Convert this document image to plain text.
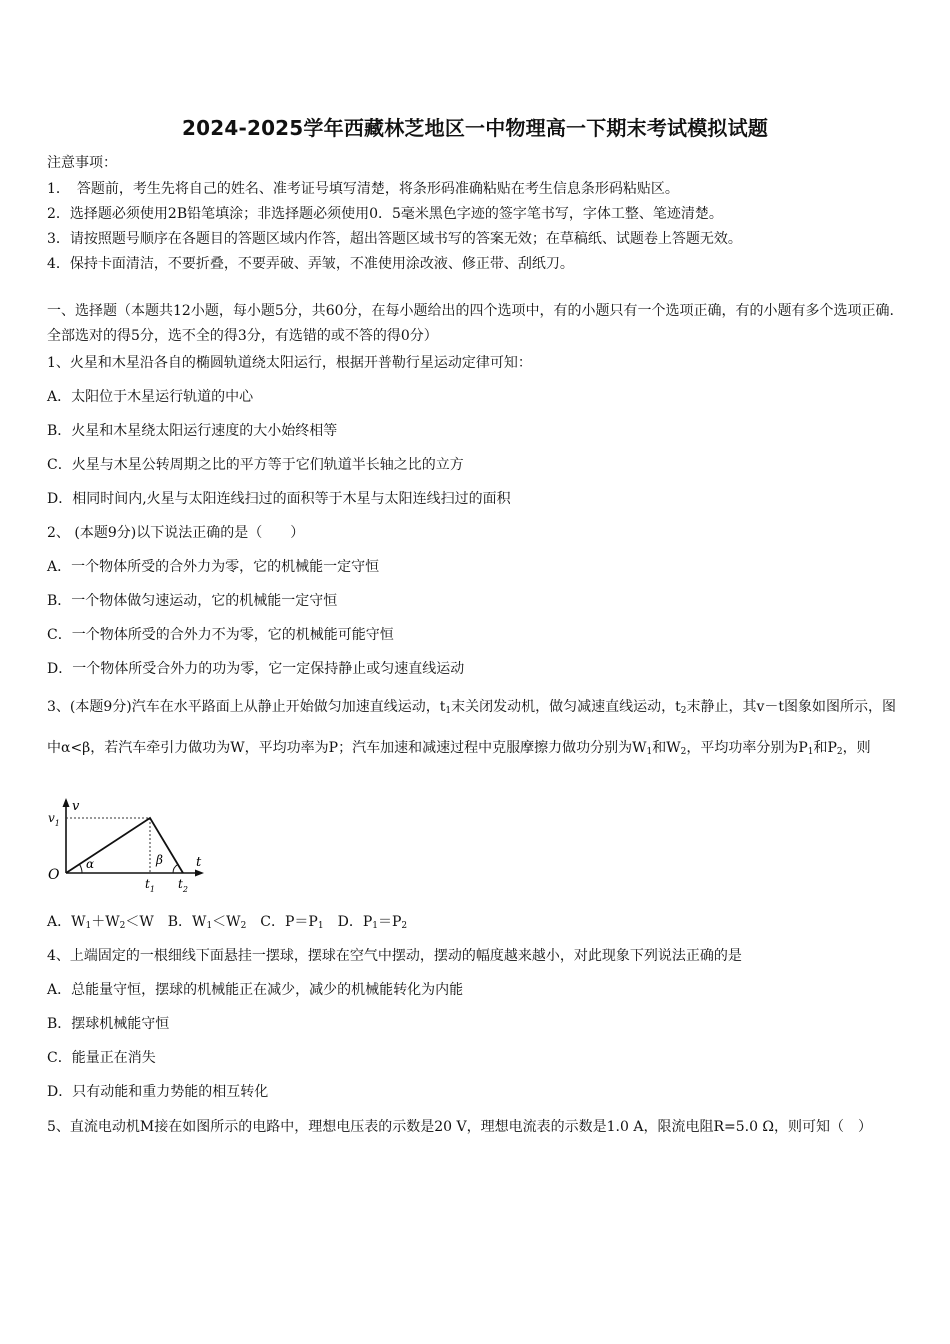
2024-2025学年西藏林芝地区一中物理高一下期末考试模拟试题
注意事项：
1．　答题前，考生先将自己的姓名、准考证号填写清楚，将条形码准确粘贴在考生信息条形码粘贴区。
2．选择题必须使用2B铅笔填涂；非选择题必须使用0．5毫米黑色字迹的签字笔书写，字体工整、笔迹清楚。
3．请按照题号顺序在各题目的答题区域内作答，超出答题区域书写的答案无效；在草稿纸、试题卷上答题无效。
4．保持卡面清洁，不要折叠，不要弄破、弄皱，不准使用涂改液、修正带、刮纸刀。
一、选择题（本题共12小题，每小题5分，共60分，在每小题给出的四个选项中，有的小题只有一个选项正确，有的小题有多个选项正确.全部选对的得5分，选不全的得3分，有选错的或不答的得0分）
1、火星和木星沿各自的椭圆轨道绕太阳运行，根据开普勒行星运动定律可知：
A．太阳位于木星运行轨道的中心
B．火星和木星绕太阳运行速度的大小始终相等
C．火星与木星公转周期之比的平方等于它们轨道半长轴之比的立方
D．相同时间内,火星与太阳连线扫过的面积等于木星与太阳连线扫过的面积
2、 (本题9分)以下说法正确的是（　　）
A．一个物体所受的合外力为零，它的机械能一定守恒
B．一个物体做匀速运动，它的机械能一定守恒
C．一个物体所受的合外力不为零，它的机械能可能守恒
D．一个物体所受合外力的功为零，它一定保持静止或匀速直线运动
3、(本题9分)汽车在水平路面上从静止开始做匀加速直线运动，$t_1$末关闭发动机，做匀减速直线运动，$t_2$末静止，其v－t图象如图所示，图中α<β，若汽车牵引力做功为W，平均功率为P；汽车加速和减速过程中克服摩擦力做功分别为$W_1$和$W_2$，平均功率分别为$P_1$和$P_2$，则
v
t
O
$v_1$
$t_1$ $t_2$
α	β
A．$W_1+W_2<W$　B．$W_1<W_2$　C．$P=P_1$　D．$P_1=P_2$
4、上端固定的一根细线下面悬挂一摆球，摆球在空气中摆动，摆动的幅度越来越小，对此现象下列说法正确的是
A．总能量守恒，摆球的机械能正在减少，减少的机械能转化为内能
B．摆球机械能守恒
C．能量正在消失
D．只有动能和重力势能的相互转化
5、直流电动机M接在如图所示的电路中，理想电压表的示数是20 V，理想电流表的示数是1.0 A，限流电阻R=5.0 Ω，则可知（　）
